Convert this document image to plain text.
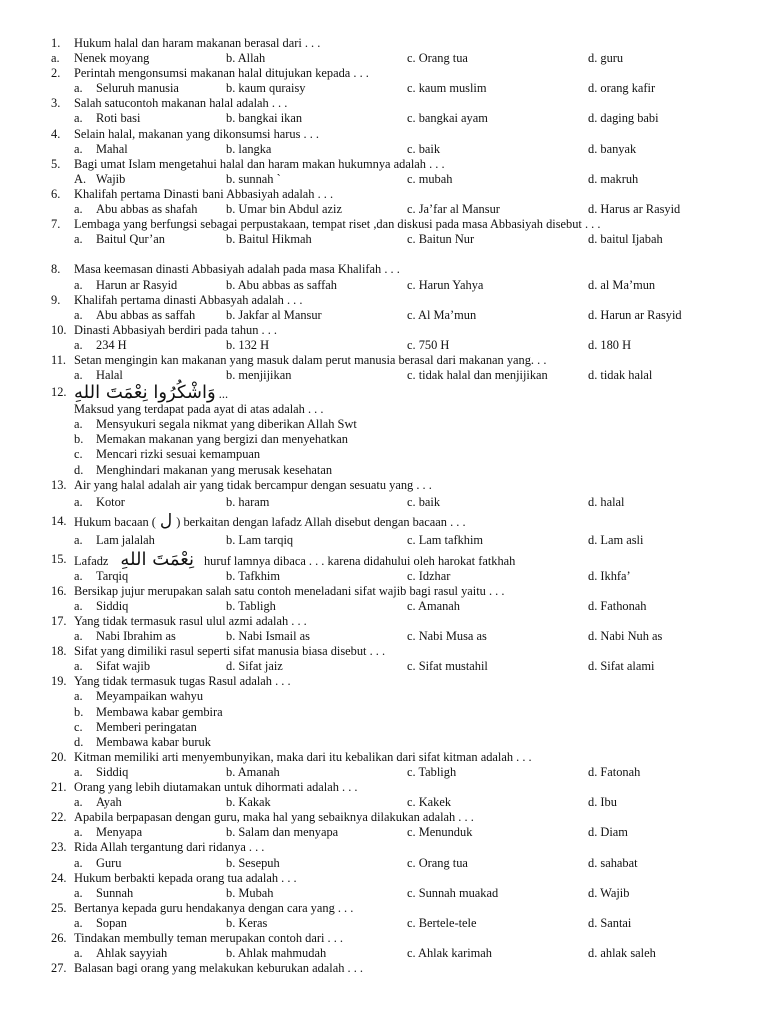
1. Hukum halal dan haram makanan berasal dari . . .
a. Nenek moyang	b. Allah	c. Orang tua	d. guru
2. Perintah mengonsumsi makanan halal ditujukan kepada . . .
a. Seluruh manusia	b. kaum quraisy	c. kaum muslim	d. orang kafir
3. Salah satucontoh makanan halal adalah . . .
a. Roti basi	b. bangkai ikan	c. bangkai ayam	d. daging babi
4. Selain halal, makanan yang dikonsumsi harus . . .
a. Mahal	b. langka	c. baik	d. banyak
5. Bagi umat Islam mengetahui halal dan haram makan hukumnya adalah . . .
A. Wajib	b. sunnah `	c. mubah	d. makruh
6. Khalifah pertama Dinasti bani Abbasiyah adalah . . .
a. Abu abbas as shafah b. Umar bin Abdul aziz	c. Ja’far al Mansur	d. Harus ar Rasyid
7. Lembaga yang berfungsi sebagai perpustakaan, tempat riset ,dan diskusi pada masa Abbasiyah disebut . . .
a. Baitul Qur’an	b. Baitul Hikmah	c. Baitun Nur	d. baitul Ijabah
8. Masa keemasan dinasti Abbasiyah adalah pada masa Khalifah . . .
a. Harun ar Rasyid	b. Abu abbas as saffah	c. Harun Yahya	d. al Ma’mun
9. Khalifah pertama dinasti Abbasyah adalah . . .
a. Abu abbas as saffah b. Jakfar al Mansur	c. Al Ma’mun	d. Harun ar Rasyid
10. Dinasti Abbasiyah berdiri pada tahun . . .
a. 234 H	b. 132 H	c. 750 H	d. 180 H
11. Setan mengingin kan makanan yang masuk dalam perut manusia berasal dari makanan yang. . .
a. Halal	b. menjijikan	c. tidak halal dan menjijikan	d. tidak halal
12. وَاشْكُرُوا نِعْمَتَ اللهِ ...
Maksud yang terdapat pada ayat di atas adalah . . .
a. Mensyukuri segala nikmat yang diberikan Allah Swt
b. Memakan makanan yang bergizi dan menyehatkan
c. Mencari rizki sesuai kemampuan
d. Menghindari makanan yang merusak kesehatan
13. Air yang halal adalah air yang tidak bercampur dengan sesuatu yang . . .
a. Kotor	b. haram	c. baik	d. halal
14. Hukum bacaan ( ل ) berkaitan dengan lafadz Allah disebut dengan bacaan . . .
a. Lam jalalah	b. Lam tarqiq	c. Lam tafkhim	d. Lam asli
15. Lafadz نِعْمَتَ اللهِ huruf lamnya dibaca . . . karena didahului oleh harokat fatkhah
a. Tarqiq	b. Tafkhim	c. Idzhar	d. Ikhfa’
16. Bersikap jujur merupakan salah satu contoh meneladani sifat wajib bagi rasul yaitu . . .
a. Siddiq	b. Tabligh	c. Amanah	d. Fathonah
17. Yang tidak termasuk rasul ulul azmi adalah . . .
a. Nabi Ibrahim as	b. Nabi Ismail as	c. Nabi Musa as	d. Nabi Nuh as
18. Sifat yang dimiliki rasul seperti sifat manusia biasa disebut . . .
a. Sifat wajib	d. Sifat jaiz	c. Sifat mustahil	d. Sifat alami
19. Yang tidak termasuk tugas Rasul adalah . . .
a. Meyampaikan wahyu
b. Membawa kabar gembira
c. Memberi peringatan
d. Membawa kabar buruk
20. Kitman memiliki arti menyembunyikan, maka dari itu kebalikan dari sifat kitman adalah . . .
a. Siddiq	b. Amanah	c. Tabligh	d. Fatonah
21. Orang yang lebih diutamakan untuk dihormati adalah . . .
a. Ayah	b. Kakak	c. Kakek	d. Ibu
22. Apabila berpapasan dengan guru, maka hal yang sebaiknya dilakukan adalah . . .
a. Menyapa	b. Salam dan menyapa	c. Menunduk	d. Diam
23. Rida Allah tergantung dari ridanya . . .
a. Guru	b. Sesepuh	c. Orang tua	d. sahabat
24. Hukum berbakti kepada orang tua adalah . . .
a. Sunnah	b. Mubah	c. Sunnah muakad	d. Wajib
25. Bertanya kepada guru hendakanya dengan cara yang . . .
a. Sopan	b. Keras	c. Bertele-tele	d. Santai
26. Tindakan membully teman merupakan contoh dari . . .
a. Ahlak sayyiah	b. Ahlak mahmudah	c. Ahlak karimah	d. ahlak saleh
27. Balasan bagi orang yang melakukan keburukan adalah . . .
